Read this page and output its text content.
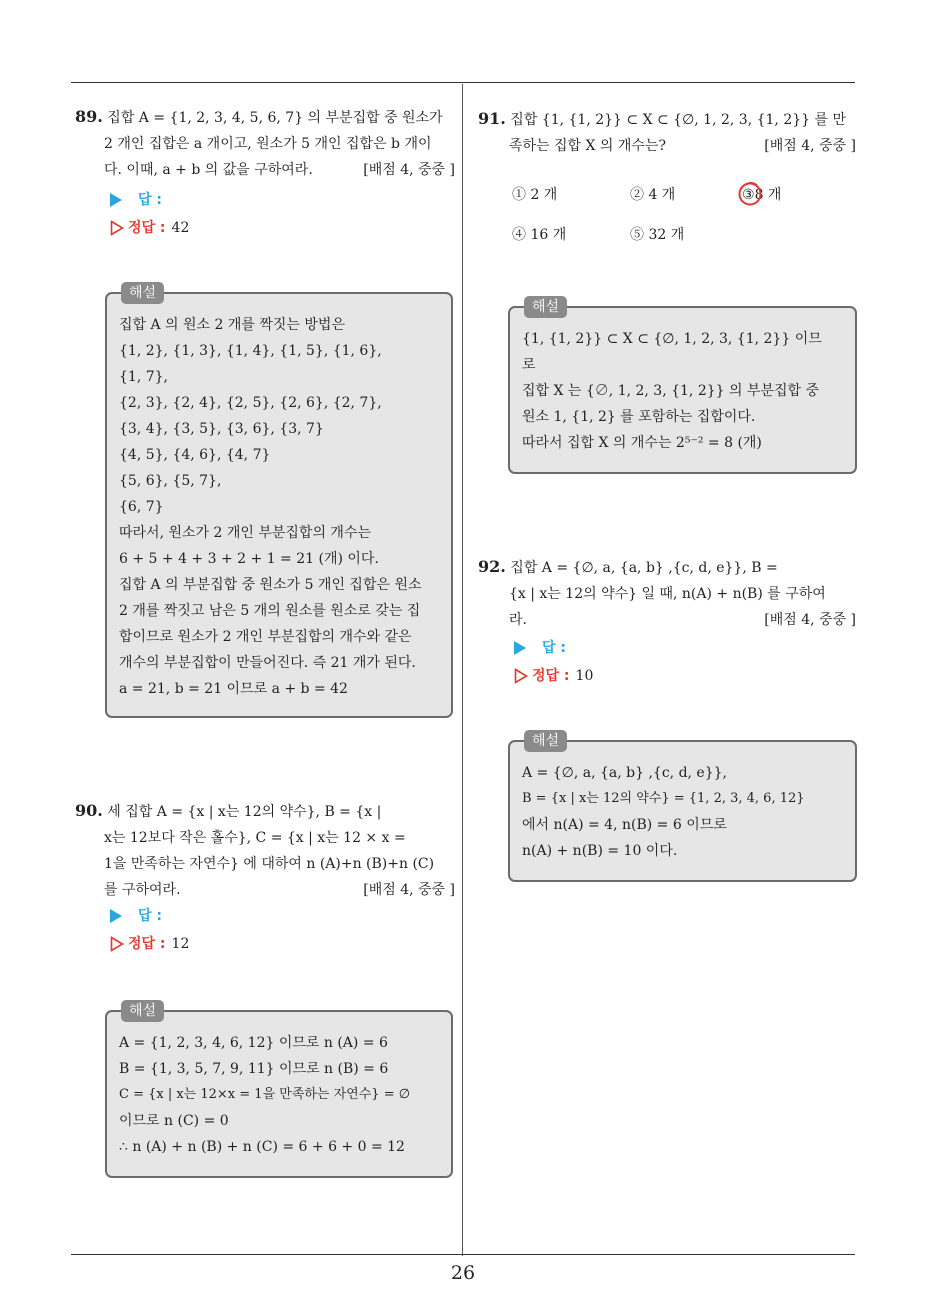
89. 집합 A = {1, 2, 3, 4, 5, 6, 7} 의 부분집합 중 원소가
2 개인 집합은 a 개이고, 원소가 5 개인 집합은 b 개이
다. 이때, a + b 의 값을 구하여라.	[배점 4, 중중 ]
답 :
정답 : 42
해설
집합 A 의 원소 2 개를 짝짓는 방법은
{1, 2}, {1, 3}, {1, 4}, {1, 5}, {1, 6},
{1, 7},
{2, 3}, {2, 4}, {2, 5}, {2, 6}, {2, 7},
{3, 4}, {3, 5}, {3, 6}, {3, 7}
{4, 5}, {4, 6}, {4, 7}
{5, 6}, {5, 7},
{6, 7}
따라서, 원소가 2 개인 부분집합의 개수는
6 + 5 + 4 + 3 + 2 + 1 = 21 (개) 이다.
집합 A 의 부분집합 중 원소가 5 개인 집합은 원소
2 개를 짝짓고 남은 5 개의 원소를 원소로 갖는 집
합이므로 원소가 2 개인 부분집합의 개수와 같은
개수의 부분집합이 만들어진다. 즉 21 개가 된다.
a = 21, b = 21 이므로 a + b = 42
90. 세 집합 A = {x | x는 12의 약수}, B = {x |
x는 12보다 작은 홀수}, C = {x | x는 12 × x =
1을 만족하는 자연수} 에 대하여 n (A)+n (B)+n (C)
를 구하여라.	[배점 4, 중중 ]
답 :
정답 : 12
해설
A = {1, 2, 3, 4, 6, 12} 이므로 n (A) = 6
B = {1, 3, 5, 7, 9, 11} 이므로 n (B) = 6
C = {x | x는 12×x = 1을 만족하는 자연수} = ∅
이므로 n (C) = 0
∴ n (A) + n (B) + n (C) = 6 + 6 + 0 = 12
91. 집합 {1, {1, 2}} ⊂ X ⊂ {∅, 1, 2, 3, {1, 2}} 를 만
족하는 집합 X 의 개수는?	[배점 4, 중중 ]
① 2 개	② 4 개	③8 개
④ 16 개	⑤ 32 개
해설
{1, {1, 2}} ⊂ X ⊂ {∅, 1, 2, 3, {1, 2}} 이므
로
집합 X 는 {∅, 1, 2, 3, {1, 2}} 의 부분집합 중
원소 1, {1, 2} 를 포함하는 집합이다.
따라서 집합 X 의 개수는 2⁵⁻² = 8 (개)
92. 집합 A = {∅, a, {a, b} ,{c, d, e}}, B =
{x | x는 12의 약수} 일 때, n(A) + n(B) 를 구하여
라.	[배점 4, 중중 ]
답 :
정답 : 10
해설
A = {∅, a, {a, b} ,{c, d, e}},
B = {x | x는 12의 약수} = {1, 2, 3, 4, 6, 12}
에서 n(A) = 4, n(B) = 6 이므로
n(A) + n(B) = 10 이다.
26
